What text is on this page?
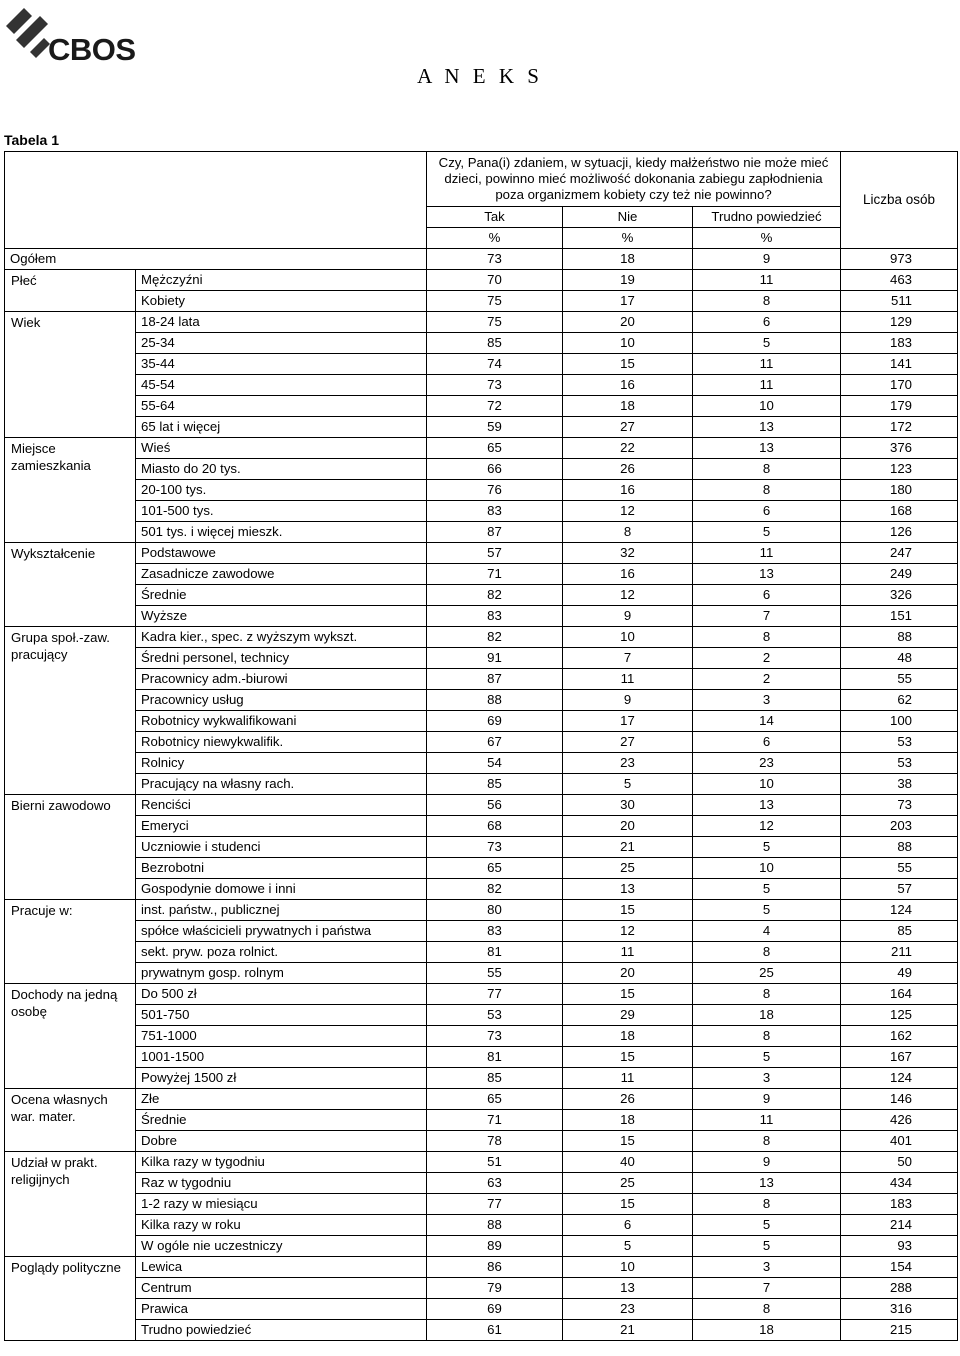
CBOS
A N E K S
Tabela 1
		Czy, Pana(i) zdaniem, w sytuacji, kiedy małżeństwo nie może mieć dzieci, powinno mieć możliwość dokonania zabiegu zapłodnienia poza organizmem kobiety czy też nie powinno?			Liczba osób
		Tak	Nie	Trudno powiedzieć	
		%	%	%	
Ogółem		73	18	9	973
Płeć	Mężczyźni	70	19	11	463
	Kobiety	75	17	8	511
Wiek	18-24 lata	75	20	6	129
	25-34	85	10	5	183
	35-44	74	15	11	141
	45-54	73	16	11	170
	55-64	72	18	10	179
	65 lat i więcej	59	27	13	172
Miejsce zamieszkania	Wieś	65	22	13	376
	Miasto do 20 tys.	66	26	8	123
	20-100 tys.	76	16	8	180
	101-500 tys.	83	12	6	168
	501 tys. i więcej mieszk.	87	8	5	126
Wykształcenie	Podstawowe	57	32	11	247
	Zasadnicze zawodowe	71	16	13	249
	Średnie	82	12	6	326
	Wyższe	83	9	7	151
Grupa społ.-zaw. pracujący	Kadra kier., spec. z wyższym wykszt.	82	10	8	88
	Średni personel, technicy	91	7	2	48
	Pracownicy adm.-biurowi	87	11	2	55
	Pracownicy usług	88	9	3	62
	Robotnicy wykwalifikowani	69	17	14	100
	Robotnicy niewykwalifik.	67	27	6	53
	Rolnicy	54	23	23	53
	Pracujący na własny rach.	85	5	10	38
Bierni zawodowo	Renciści	56	30	13	73
	Emeryci	68	20	12	203
	Uczniowie i studenci	73	21	5	88
	Bezrobotni	65	25	10	55
	Gospodynie domowe i inni	82	13	5	57
Pracuje w:	inst. państw., publicznej	80	15	5	124
	spółce właścicieli prywatnych i państwa	83	12	4	85
	sekt. pryw. poza rolnict.	81	11	8	211
	prywatnym gosp. rolnym	55	20	25	49
Dochody na jedną osobę	Do 500 zł	77	15	8	164
	501-750	53	29	18	125
	751-1000	73	18	8	162
	1001-1500	81	15	5	167
	Powyżej 1500 zł	85	11	3	124
Ocena własnych war. mater.	Złe	65	26	9	146
	Średnie	71	18	11	426
	Dobre	78	15	8	401
Udział w prakt. religijnych	Kilka razy w tygodniu	51	40	9	50
	Raz w tygodniu	63	25	13	434
	1-2 razy w miesiącu	77	15	8	183
	Kilka razy w roku	88	6	5	214
	W ogóle nie uczestniczy	89	5	5	93
Poglądy polityczne	Lewica	86	10	3	154
	Centrum	79	13	7	288
	Prawica	69	23	8	316
	Trudno powiedzieć	61	21	18	215
